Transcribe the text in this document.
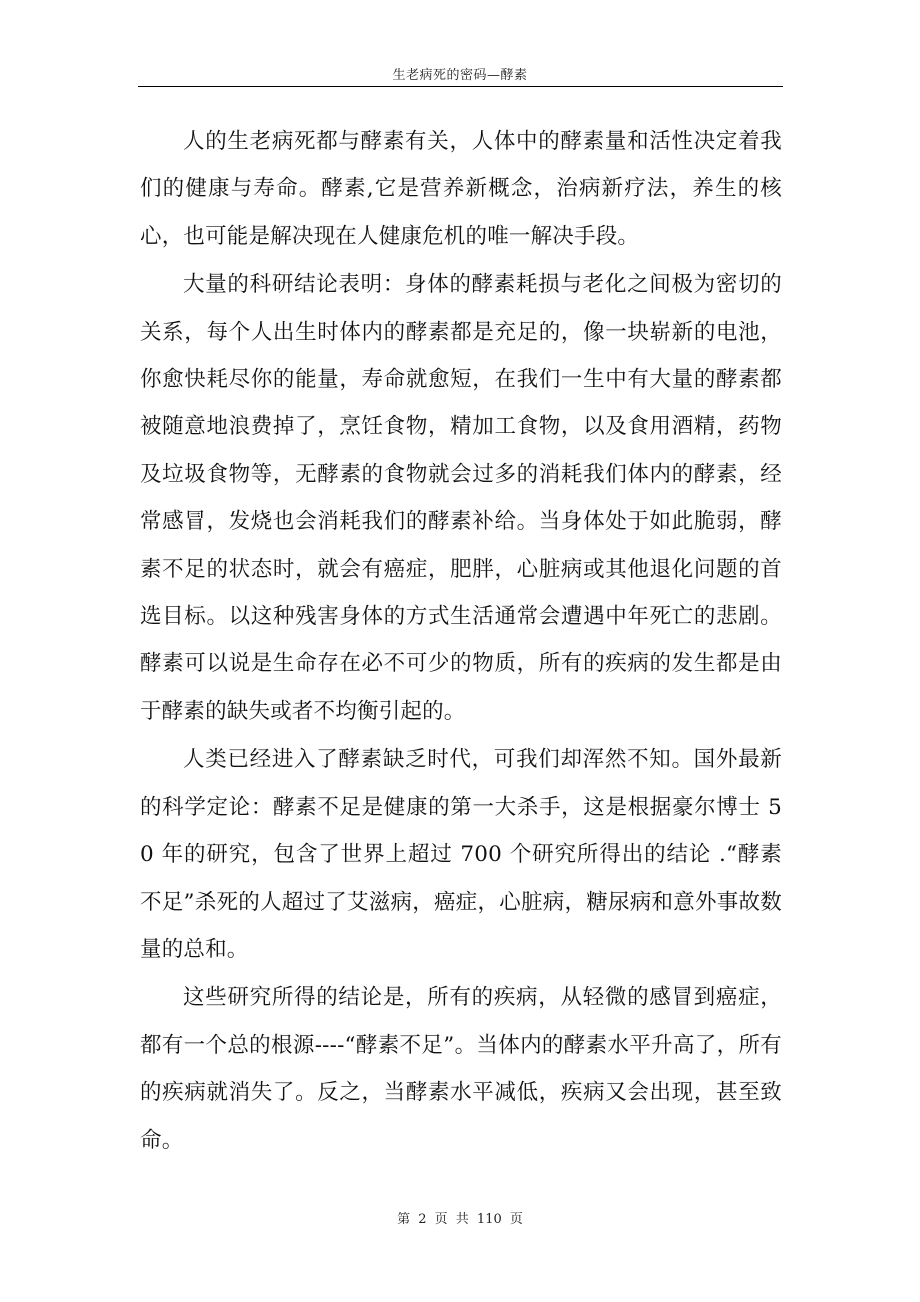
生老病死的密码—酵素

人的生老病死都与酵素有关，人体中的酵素量和活性决定着我们的健康与寿命。酵素,它是营养新概念，治病新疗法，养生的核心，也可能是解决现在人健康危机的唯一解决手段。

大量的科研结论表明：身体的酵素耗损与老化之间极为密切的关系，每个人出生时体内的酵素都是充足的，像一块崭新的电池，你愈快耗尽你的能量，寿命就愈短，在我们一生中有大量的酵素都被随意地浪费掉了，烹饪食物，精加工食物，以及食用酒精，药物及垃圾食物等，无酵素的食物就会过多的消耗我们体内的酵素，经常感冒，发烧也会消耗我们的酵素补给。当身体处于如此脆弱，酵素不足的状态时，就会有癌症，肥胖，心脏病或其他退化问题的首选目标。以这种残害身体的方式生活通常会遭遇中年死亡的悲剧。酵素可以说是生命存在必不可少的物质，所有的疾病的发生都是由于酵素的缺失或者不均衡引起的。

人类已经进入了酵素缺乏时代，可我们却浑然不知。国外最新的科学定论：酵素不足是健康的第一大杀手，这是根据豪尔博士 50 年的研究，包含了世界上超过 700 个研究所得出的结论 .“酵素不足”杀死的人超过了艾滋病，癌症，心脏病，糖尿病和意外事故数量的总和。

这些研究所得的结论是，所有的疾病，从轻微的感冒到癌症，都有一个总的根源----“酵素不足”。当体内的酵素水平升高了，所有的疾病就消失了。反之，当酵素水平减低，疾病又会出现，甚至致命。

第 2 页 共 110 页
